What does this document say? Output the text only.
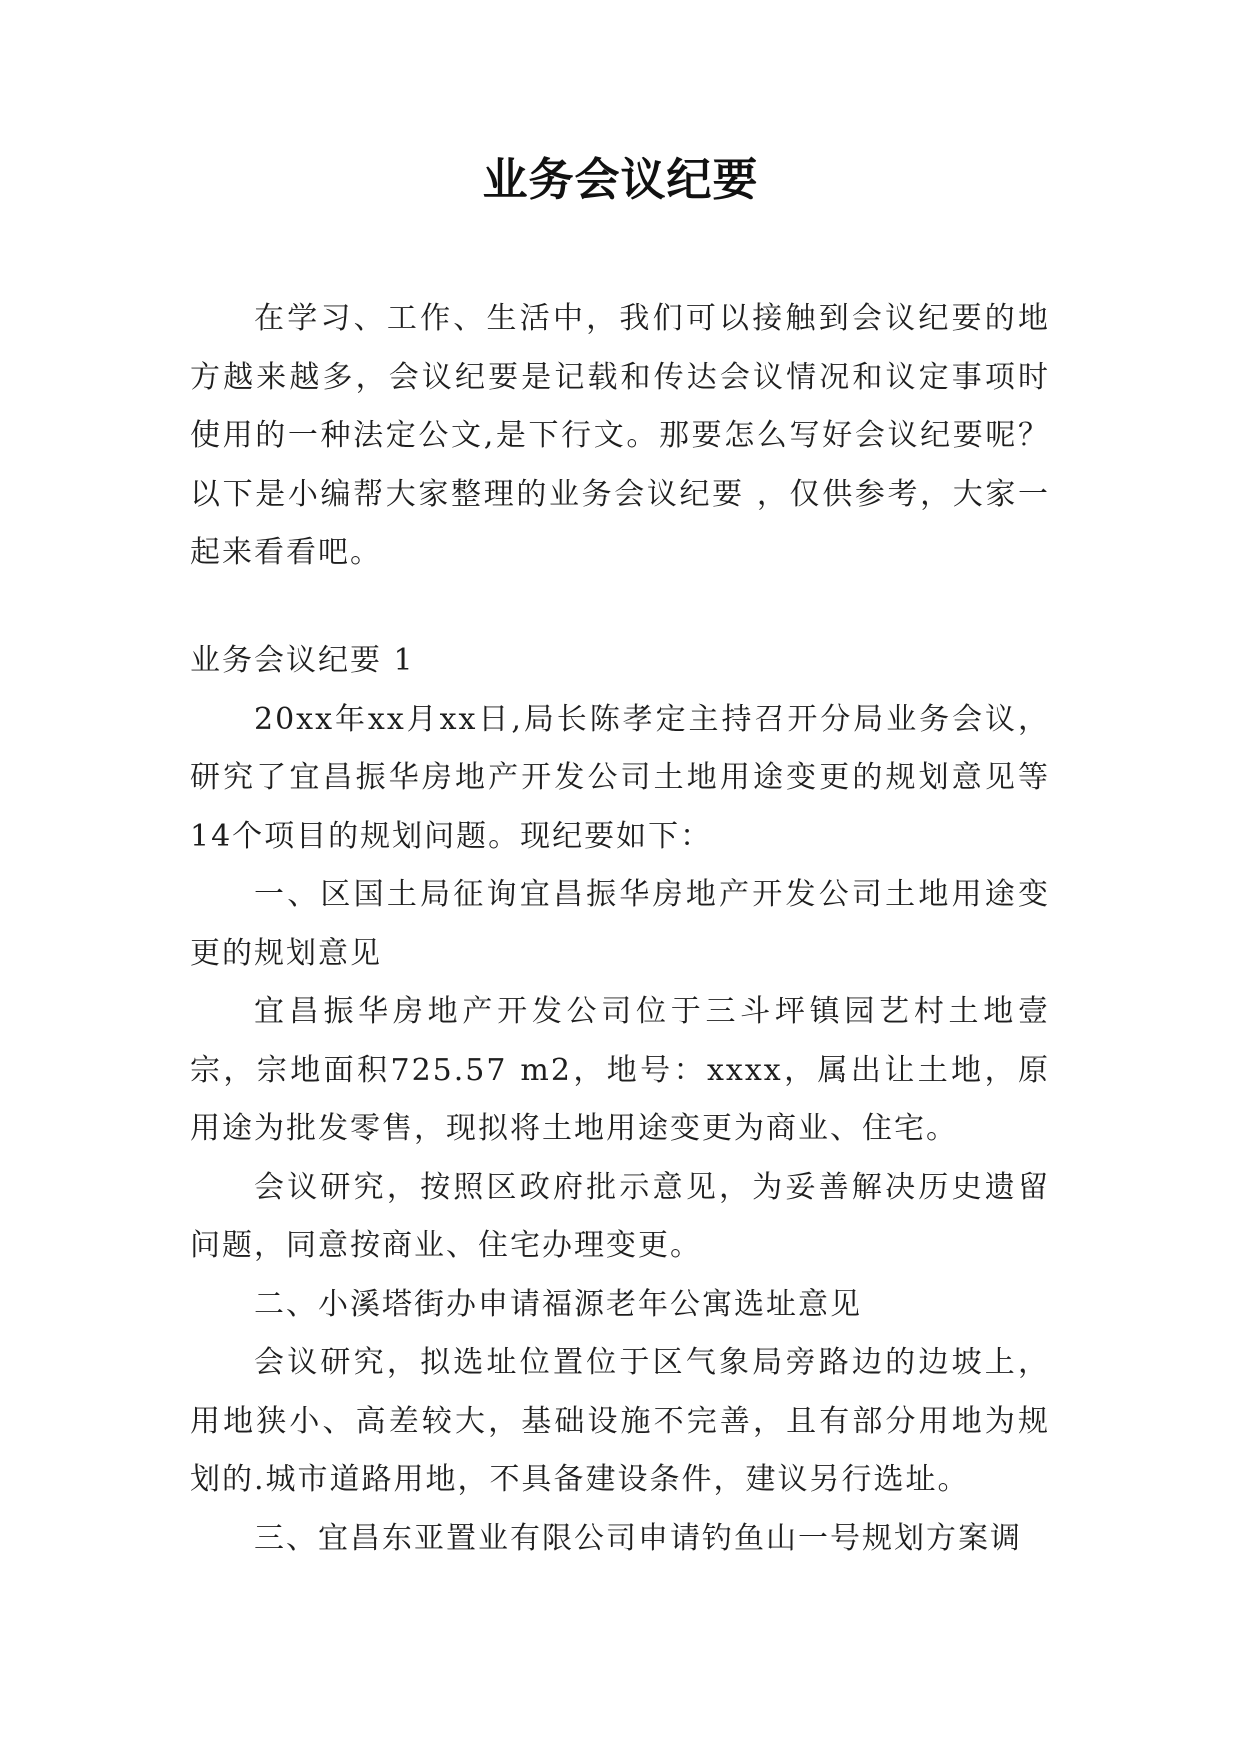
业务会议纪要

在学习、工作、生活中，我们可以接触到会议纪要的地方越来越多，会议纪要是记载和传达会议情况和议定事项时使用的一种法定公文,是下行文。那要怎么写好会议纪要呢？以下是小编帮大家整理的业务会议纪要 ，仅供参考，大家一起来看看吧。

业务会议纪要 1

20xx年xx月xx日,局长陈孝定主持召开分局业务会议，研究了宜昌振华房地产开发公司土地用途变更的规划意见等14个项目的规划问题。现纪要如下：

一、区国土局征询宜昌振华房地产开发公司土地用途变更的规划意见

宜昌振华房地产开发公司位于三斗坪镇园艺村土地壹宗，宗地面积725.57 m2，地号：xxxx，属出让土地，原用途为批发零售，现拟将土地用途变更为商业、住宅。

会议研究，按照区政府批示意见，为妥善解决历史遗留问题，同意按商业、住宅办理变更。

二、小溪塔街办申请福源老年公寓选址意见

会议研究，拟选址位置位于区气象局旁路边的边坡上，用地狭小、高差较大，基础设施不完善，且有部分用地为规划的.城市道路用地，不具备建设条件，建议另行选址。

三、宜昌东亚置业有限公司申请钓鱼山一号规划方案调
